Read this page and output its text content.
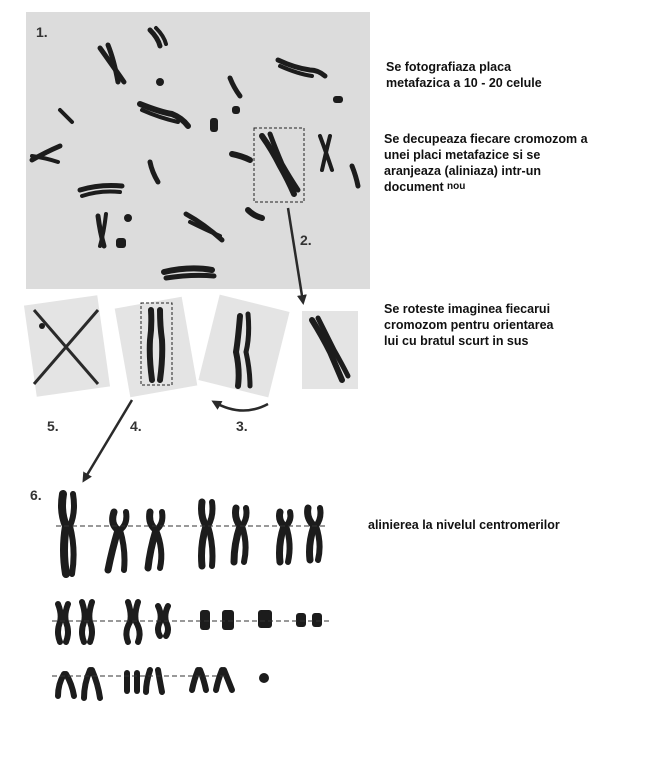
1.
2.
3.
4.
5.
6.
Se fotografiaza placa
metafazica a 10 - 20 celule
Se decupeaza fiecare cromozom a
unei placi metafazice si se
aranjeaza (aliniaza) intr-un
document nou
Se roteste imaginea fiecarui
cromozom pentru orientarea
lui cu bratul scurt in sus
alinierea la nivelul centromerilor
